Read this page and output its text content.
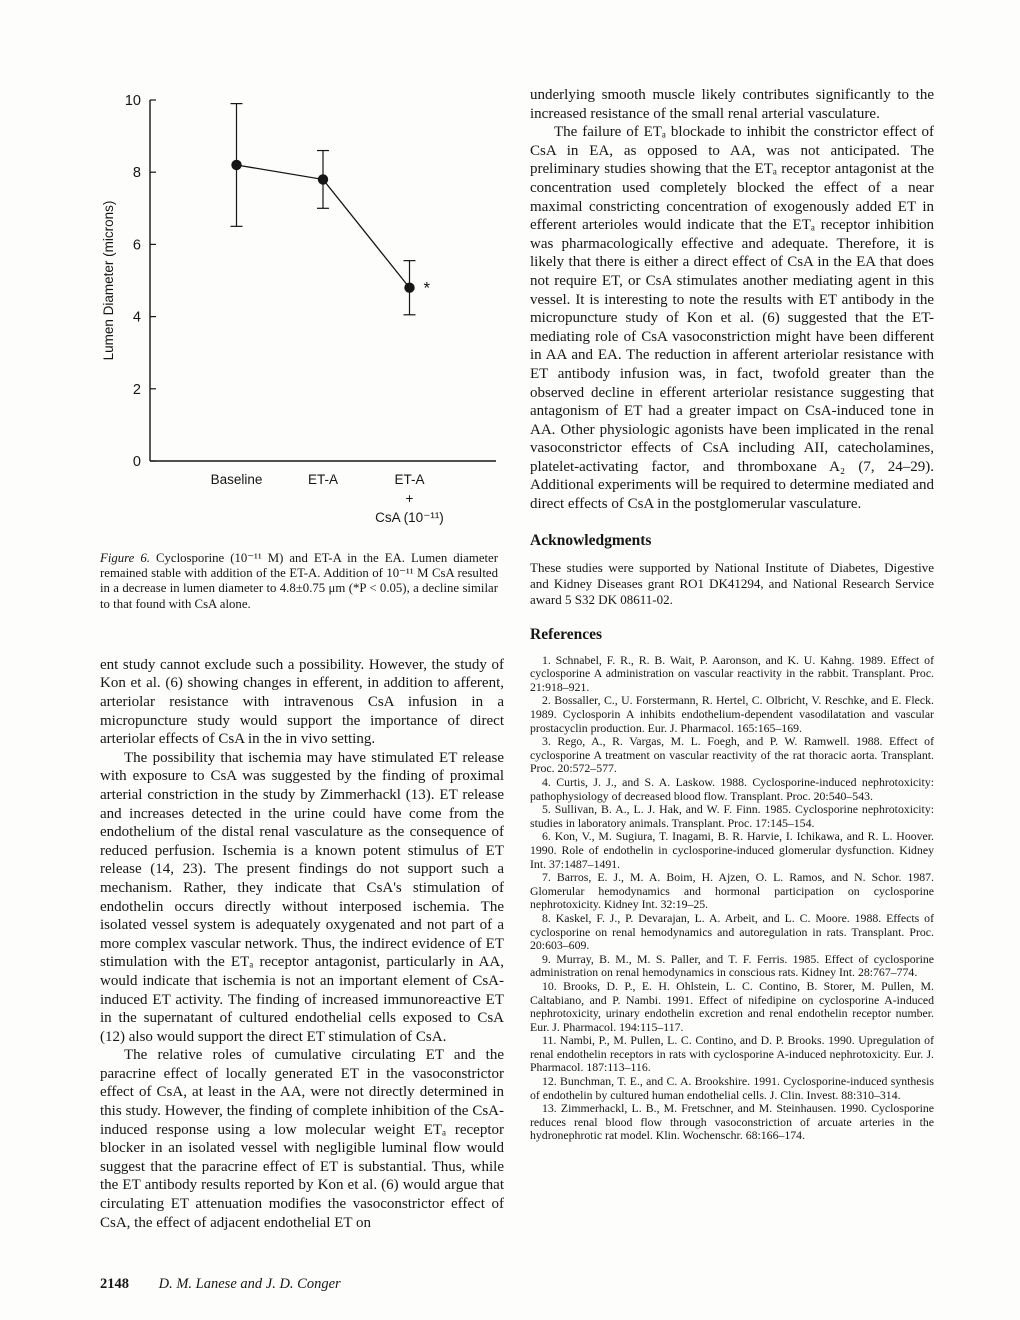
0
2
4
6
8
10
Lumen Diameter (microns)	*
Baseline	ET-A	ET-A
+
CsA (10⁻¹¹)
Figure 6. Cyclosporine (10⁻¹¹ M) and ET-A in the EA. Lumen diameter remained stable with addition of the ET-A. Addition of 10⁻¹¹ M CsA resulted in a decrease in lumen diameter to 4.8±0.75 μm (*P < 0.05), a decline similar to that found with CsA alone.

ent study cannot exclude such a possibility. However, the study of Kon et al. (6) showing changes in efferent, in addition to afferent, arteriolar resistance with intravenous CsA infusion in a micropuncture study would support the importance of direct arteriolar effects of CsA in the in vivo setting.

The possibility that ischemia may have stimulated ET release with exposure to CsA was suggested by the finding of proximal arterial constriction in the study by Zimmerhackl (13). ET release and increases detected in the urine could have come from the endothelium of the distal renal vasculature as the consequence of reduced perfusion. Ischemia is a known potent stimulus of ET release (14, 23). The present findings do not support such a mechanism. Rather, they indicate that CsA's stimulation of endothelin occurs directly without interposed ischemia. The isolated vessel system is adequately oxygenated and not part of a more complex vascular network. Thus, the indirect evidence of ET stimulation with the ETₐ receptor antagonist, particularly in AA, would indicate that ischemia is not an important element of CsA-induced ET activity. The finding of increased immunoreactive ET in the supernatant of cultured endothelial cells exposed to CsA (12) also would support the direct ET stimulation of CsA.

The relative roles of cumulative circulating ET and the paracrine effect of locally generated ET in the vasoconstrictor effect of CsA, at least in the AA, were not directly determined in this study. However, the finding of complete inhibition of the CsA-induced response using a low molecular weight ETₐ receptor blocker in an isolated vessel with negligible luminal flow would suggest that the paracrine effect of ET is substantial. Thus, while the ET antibody results reported by Kon et al. (6) would argue that circulating ET attenuation modifies the vasoconstrictor effect of CsA, the effect of adjacent endothelial ET on

underlying smooth muscle likely contributes significantly to the increased resistance of the small renal arterial vasculature.

The failure of ETₐ blockade to inhibit the constrictor effect of CsA in EA, as opposed to AA, was not anticipated. The preliminary studies showing that the ETₐ receptor antagonist at the concentration used completely blocked the effect of a near maximal constricting concentration of exogenously added ET in efferent arterioles would indicate that the ETₐ receptor inhibition was pharmacologically effective and adequate. Therefore, it is likely that there is either a direct effect of CsA in the EA that does not require ET, or CsA stimulates another mediating agent in this vessel. It is interesting to note the results with ET antibody in the micropuncture study of Kon et al. (6) suggested that the ET-mediating role of CsA vasoconstriction might have been different in AA and EA. The reduction in afferent arteriolar resistance with ET antibody infusion was, in fact, twofold greater than the observed decline in efferent arteriolar resistance suggesting that antagonism of ET had a greater impact on CsA-induced tone in AA. Other physiologic agonists have been implicated in the renal vasoconstrictor effects of CsA including AII, catecholamines, platelet-activating factor, and thromboxane A₂ (7, 24–29). Additional experiments will be required to determine mediated and direct effects of CsA in the postglomerular vasculature.

Acknowledgments

These studies were supported by National Institute of Diabetes, Digestive and Kidney Diseases grant RO1 DK41294, and National Research Service award 5 S32 DK 08611-02.

References

1. Schnabel, F. R., R. B. Wait, P. Aaronson, and K. U. Kahng. 1989. Effect of cyclosporine A administration on vascular reactivity in the rabbit. Transplant. Proc. 21:918–921.

2. Bossaller, C., U. Forstermann, R. Hertel, C. Olbricht, V. Reschke, and E. Fleck. 1989. Cyclosporin A inhibits endothelium-dependent vasodilatation and vascular prostacyclin production. Eur. J. Pharmacol. 165:165–169.

3. Rego, A., R. Vargas, M. L. Foegh, and P. W. Ramwell. 1988. Effect of cyclosporine A treatment on vascular reactivity of the rat thoracic aorta. Transplant. Proc. 20:572–577.

4. Curtis, J. J., and S. A. Laskow. 1988. Cyclosporine-induced nephrotoxicity: pathophysiology of decreased blood flow. Transplant. Proc. 20:540–543.

5. Sullivan, B. A., L. J. Hak, and W. F. Finn. 1985. Cyclosporine nephrotoxicity: studies in laboratory animals. Transplant. Proc. 17:145–154.

6. Kon, V., M. Sugiura, T. Inagami, B. R. Harvie, I. Ichikawa, and R. L. Hoover. 1990. Role of endothelin in cyclosporine-induced glomerular dysfunction. Kidney Int. 37:1487–1491.

7. Barros, E. J., M. A. Boim, H. Ajzen, O. L. Ramos, and N. Schor. 1987. Glomerular hemodynamics and hormonal participation on cyclosporine nephrotoxicity. Kidney Int. 32:19–25.

8. Kaskel, F. J., P. Devarajan, L. A. Arbeit, and L. C. Moore. 1988. Effects of cyclosporine on renal hemodynamics and autoregulation in rats. Transplant. Proc. 20:603–609.

9. Murray, B. M., M. S. Paller, and T. F. Ferris. 1985. Effect of cyclosporine administration on renal hemodynamics in conscious rats. Kidney Int. 28:767–774.

10. Brooks, D. P., E. H. Ohlstein, L. C. Contino, B. Storer, M. Pullen, M. Caltabiano, and P. Nambi. 1991. Effect of nifedipine on cyclosporine A-induced nephrotoxicity, urinary endothelin excretion and renal endothelin receptor number. Eur. J. Pharmacol. 194:115–117.

11. Nambi, P., M. Pullen, L. C. Contino, and D. P. Brooks. 1990. Upregulation of renal endothelin receptors in rats with cyclosporine A-induced nephrotoxicity. Eur. J. Pharmacol. 187:113–116.

12. Bunchman, T. E., and C. A. Brookshire. 1991. Cyclosporine-induced synthesis of endothelin by cultured human endothelial cells. J. Clin. Invest. 88:310–314.

13. Zimmerhackl, L. B., M. Fretschner, and M. Steinhausen. 1990. Cyclosporine reduces renal blood flow through vasoconstriction of arcuate arteries in the hydronephrotic rat model. Klin. Wochenschr. 68:166–174.

2148 D. M. Lanese and J. D. Conger
